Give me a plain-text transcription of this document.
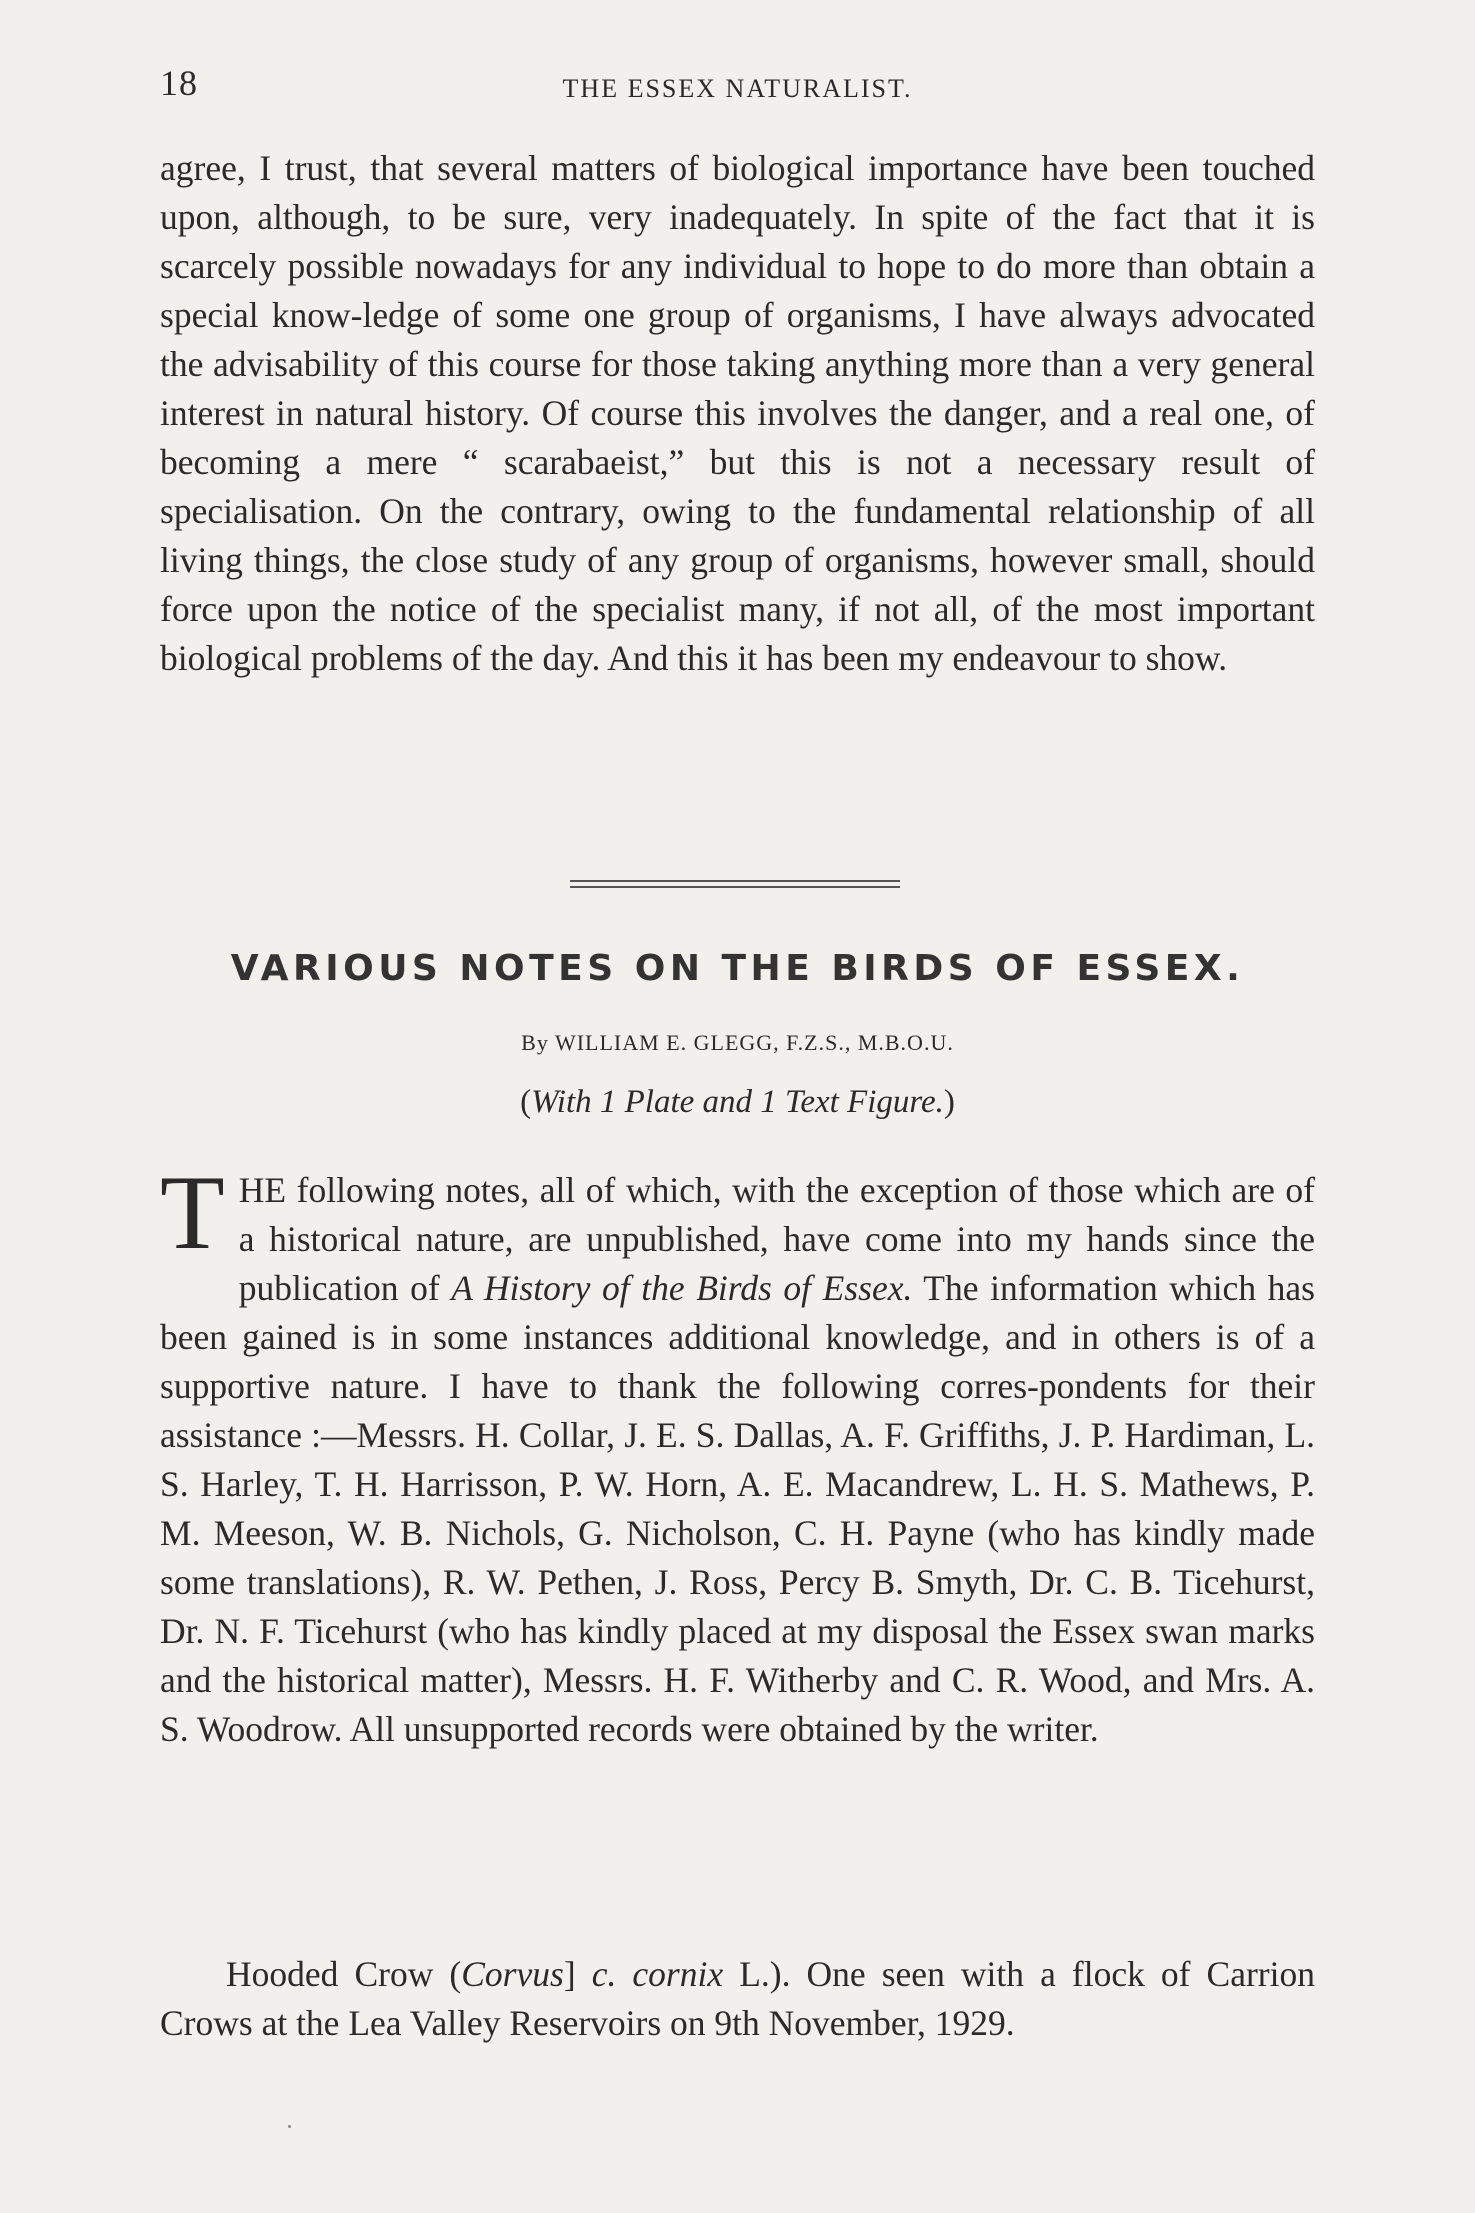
18	THE ESSEX NATURALIST.

agree, I trust, that several matters of biological importance have been touched upon, although, to be sure, very inadequately. In spite of the fact that it is scarcely possible nowadays for any individual to hope to do more than obtain a special know-ledge of some one group of organisms, I have always advocated the advisability of this course for those taking anything more than a very general interest in natural history. Of course this involves the danger, and a real one, of becoming a mere “ scarabaeist,” but this is not a necessary result of specialisation. On the contrary, owing to the fundamental relationship of all living things, the close study of any group of organisms, however small, should force upon the notice of the specialist many, if not all, of the most important biological problems of the day. And this it has been my endeavour to show.

VARIOUS NOTES ON THE BIRDS OF ESSEX.
By WILLIAM E. GLEGG, F.Z.S., M.B.O.U.
(With 1 Plate and 1 Text Figure.)

THE following notes, all of which, with the exception of those which are of a historical nature, are unpublished, have come into my hands since the publication of A History of the Birds of Essex. The information which has been gained is in some instances additional knowledge, and in others is of a supportive nature. I have to thank the following corres-pondents for their assistance :—Messrs. H. Collar, J. E. S. Dallas, A. F. Griffiths, J. P. Hardiman, L. S. Harley, T. H. Harrisson, P. W. Horn, A. E. Macandrew, L. H. S. Mathews, P. M. Meeson, W. B. Nichols, G. Nicholson, C. H. Payne (who has kindly made some translations), R. W. Pethen, J. Ross, Percy B. Smyth, Dr. C. B. Ticehurst, Dr. N. F. Ticehurst (who has kindly placed at my disposal the Essex swan marks and the historical matter), Messrs. H. F. Witherby and C. R. Wood, and Mrs. A. S. Woodrow. All unsupported records were obtained by the writer.

Hooded Crow (Corvus] c. cornix L.). One seen with a flock of Carrion Crows at the Lea Valley Reservoirs on 9th November, 1929.
